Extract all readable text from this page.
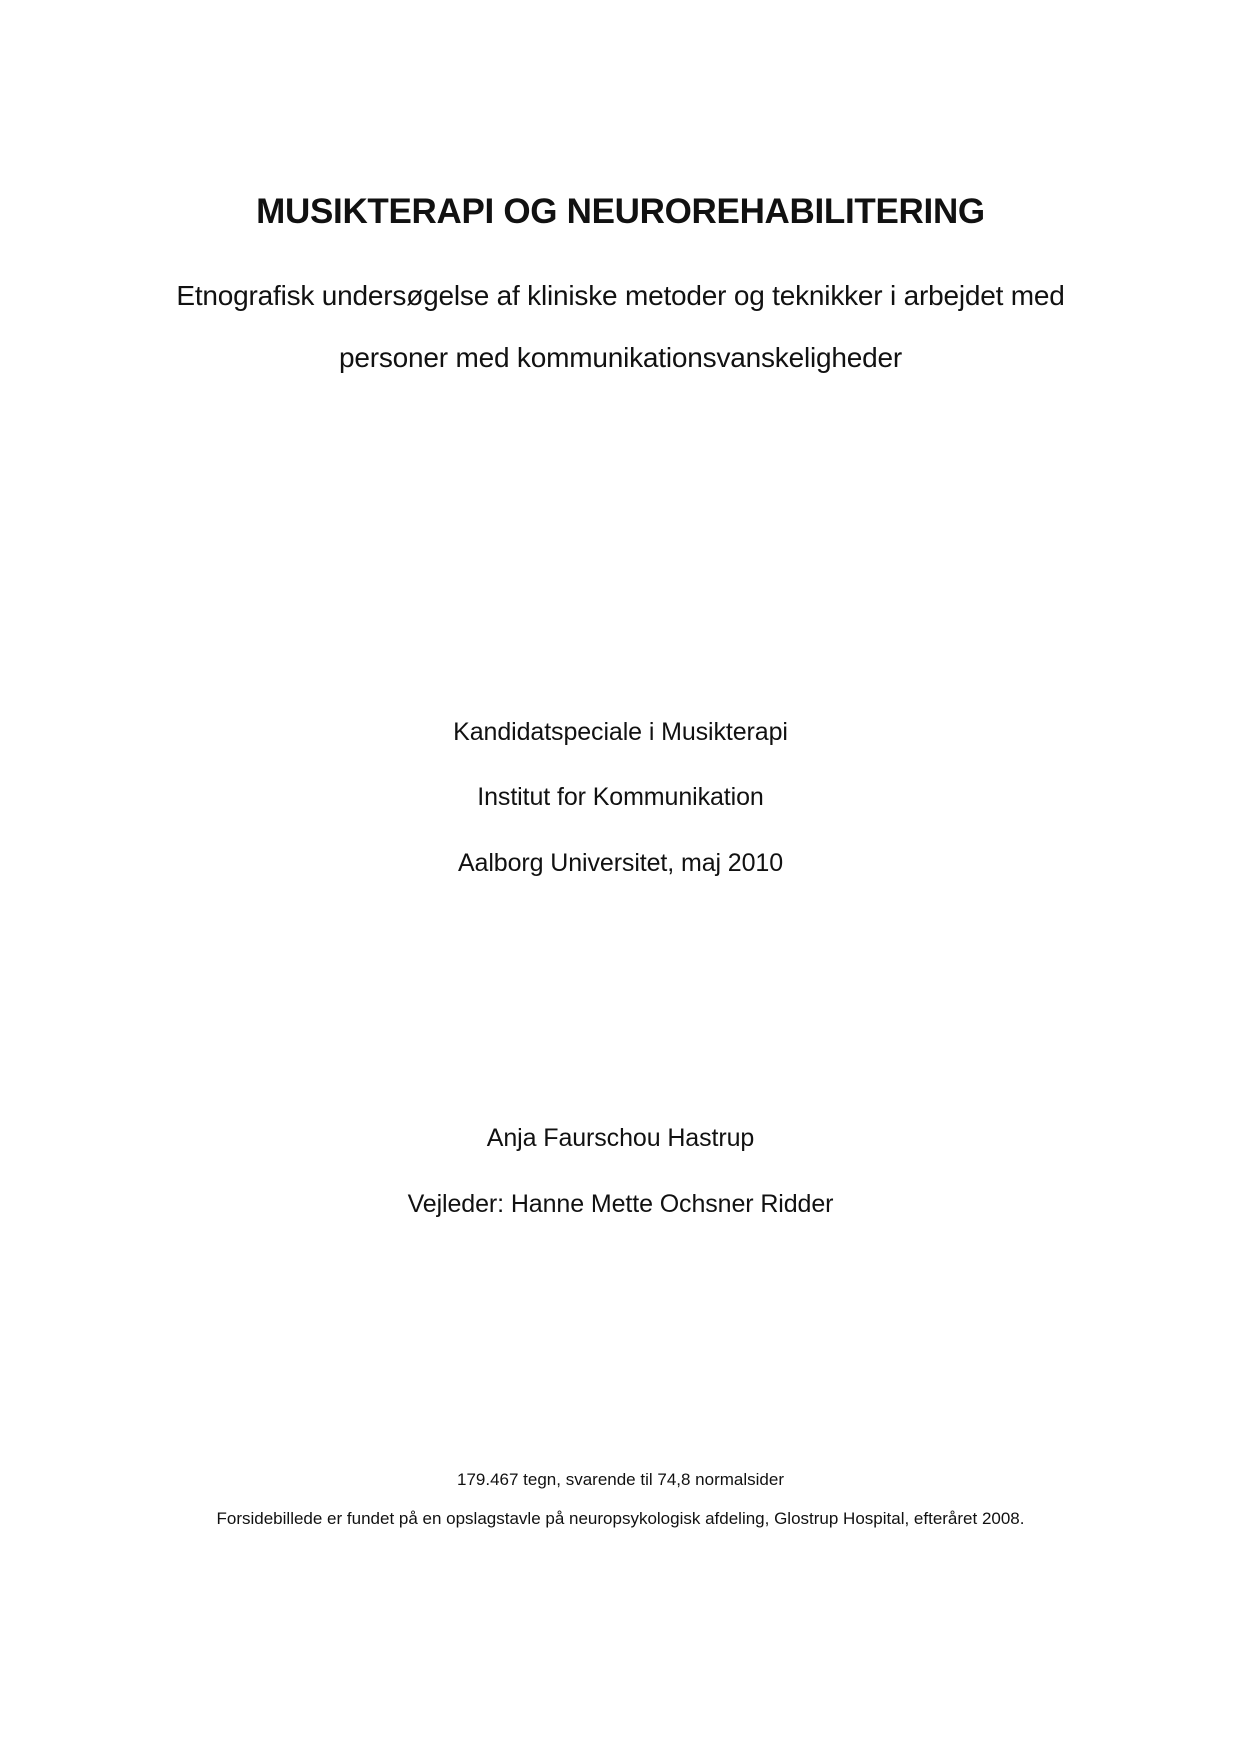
MUSIKTERAPI OG NEUROREHABILITERING
Etnografisk undersøgelse af kliniske metoder og teknikker i arbejdet med
personer med kommunikationsvanskeligheder
Kandidatspeciale i Musikterapi
Institut for Kommunikation
Aalborg Universitet, maj 2010
Anja Faurschou Hastrup
Vejleder: Hanne Mette Ochsner Ridder
179.467 tegn, svarende til 74,8 normalsider
Forsidebillede er fundet på en opslagstavle på neuropsykologisk afdeling, Glostrup Hospital, efteråret 2008.
